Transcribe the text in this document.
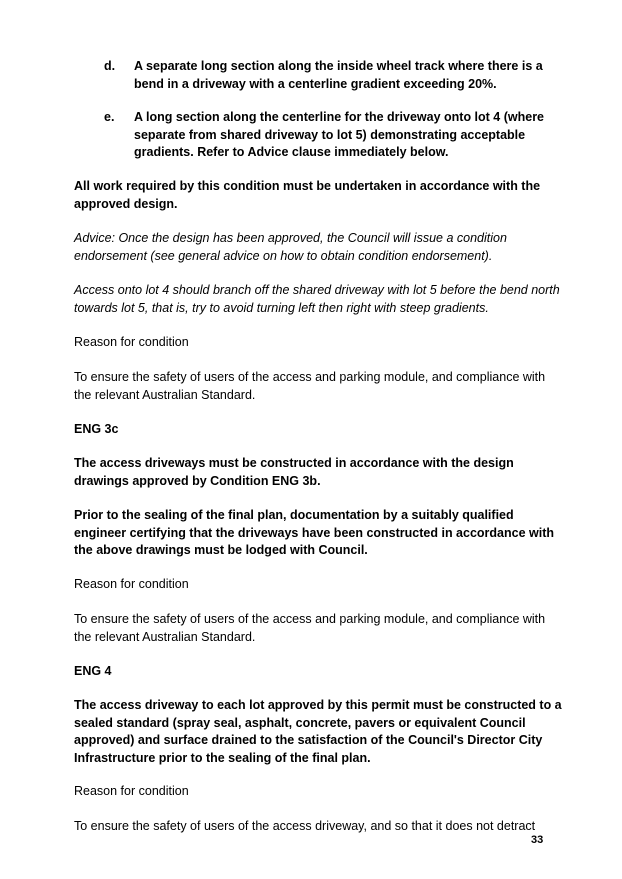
d. A separate long section along the inside wheel track where there is a bend in a driveway with a centerline gradient exceeding 20%.
e. A long section along the centerline for the driveway onto lot 4 (where separate from shared driveway to lot 5) demonstrating acceptable gradients. Refer to Advice clause immediately below.
All work required by this condition must be undertaken in accordance with the approved design.
Advice: Once the design has been approved, the Council will issue a condition endorsement (see general advice on how to obtain condition endorsement).
Access onto lot 4 should branch off the shared driveway with lot 5 before the bend north towards lot 5, that is, try to avoid turning left then right with steep gradients.
Reason for condition
To ensure the safety of users of the access and parking module, and compliance with the relevant Australian Standard.
ENG 3c
The access driveways must be constructed in accordance with the design drawings approved by Condition ENG 3b.
Prior to the sealing of the final plan, documentation by a suitably qualified engineer certifying that the driveways have been constructed in accordance with the above drawings must be lodged with Council.
Reason for condition
To ensure the safety of users of the access and parking module, and compliance with the relevant Australian Standard.
ENG 4
The access driveway to each lot approved by this permit must be constructed to a sealed standard (spray seal, asphalt, concrete, pavers or equivalent Council approved) and surface drained to the satisfaction of the Council's Director City Infrastructure prior to the sealing of the final plan.
Reason for condition
To ensure the safety of users of the access driveway, and so that it does not detract
33
